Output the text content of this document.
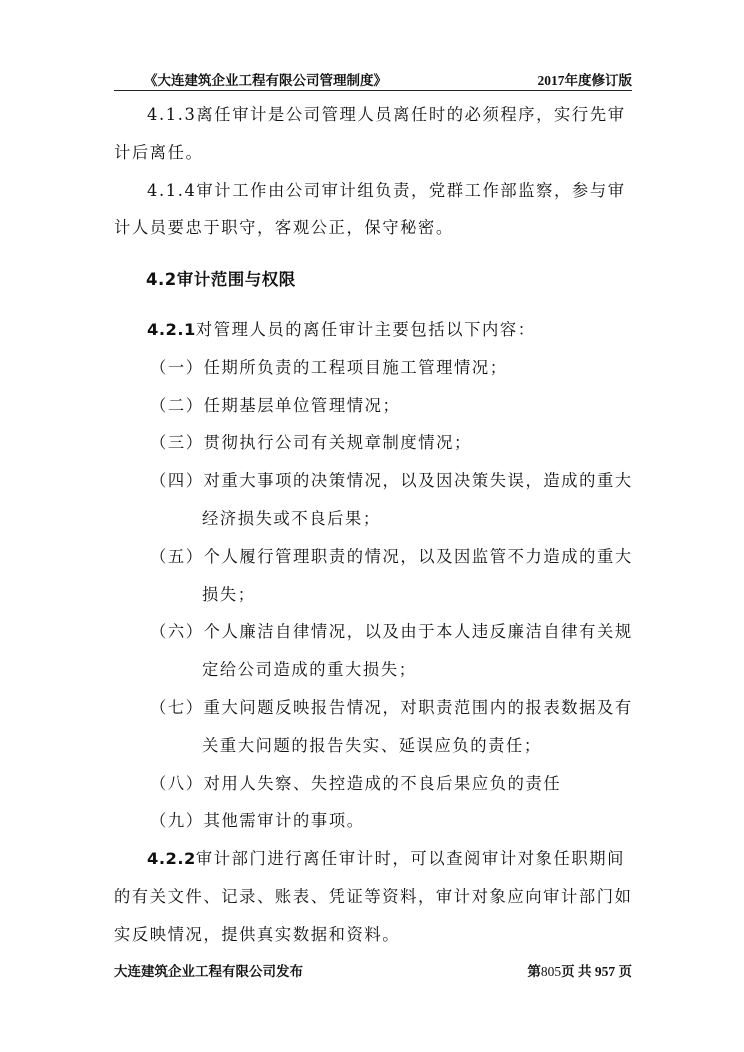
《大连建筑企业工程有限公司管理制度》	2017年度修订版

4.1.3离任审计是公司管理人员离任时的必须程序，实行先审计后离任。

4.1.4审计工作由公司审计组负责，党群工作部监察，参与审计人员要忠于职守，客观公正，保守秘密。

4.2审计范围与权限

4.2.1对管理人员的离任审计主要包括以下内容：

（一）任期所负责的工程项目施工管理情况；

（二）任期基层单位管理情况；

（三）贯彻执行公司有关规章制度情况；

（四）对重大事项的决策情况，以及因决策失误，造成的重大经济损失或不良后果；

（五）个人履行管理职责的情况，以及因监管不力造成的重大损失；

（六）个人廉洁自律情况，以及由于本人违反廉洁自律有关规定给公司造成的重大损失；

（七）重大问题反映报告情况，对职责范围内的报表数据及有关重大问题的报告失实、延误应负的责任；

（八）对用人失察、失控造成的不良后果应负的责任

（九）其他需审计的事项。

4.2.2审计部门进行离任审计时，可以查阅审计对象任职期间的有关文件、记录、账表、凭证等资料，审计对象应向审计部门如实反映情况，提供真实数据和资料。

大连建筑企业工程有限公司发布	第805页 共 957 页
